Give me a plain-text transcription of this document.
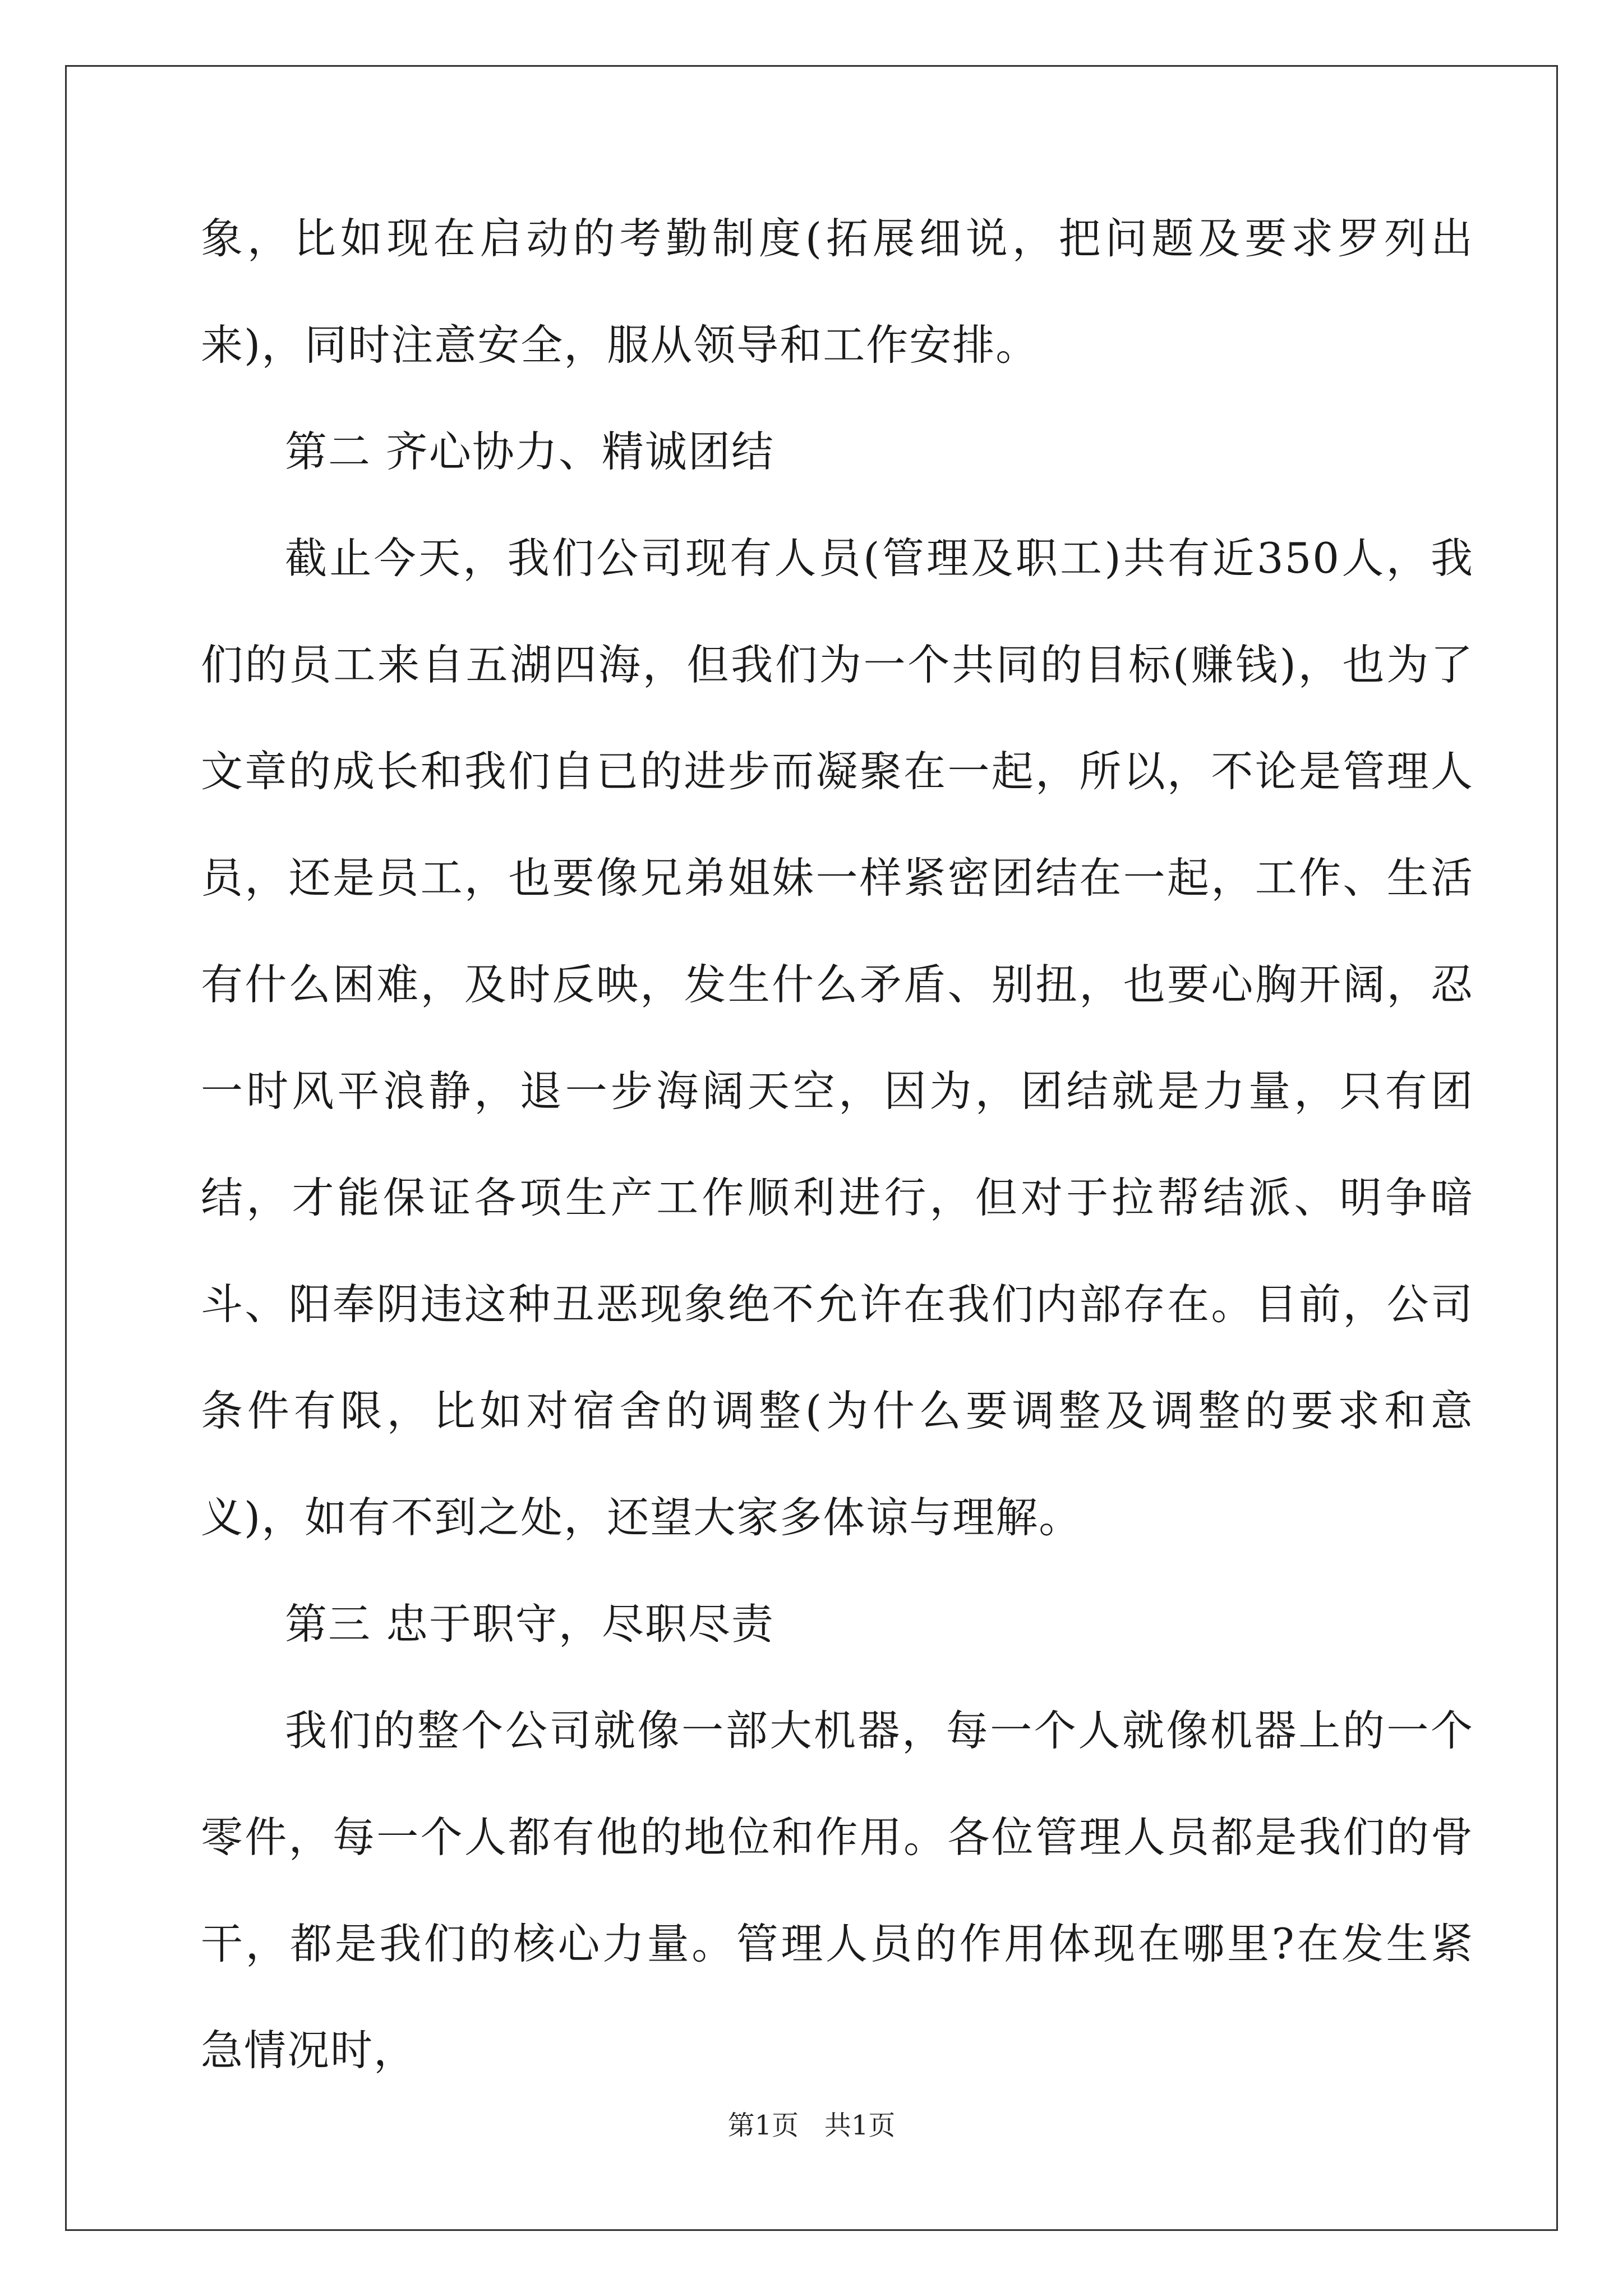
象，比如现在启动的考勤制度(拓展细说，把问题及要求罗列出来)，同时注意安全，服从领导和工作安排。

第二 齐心协力、精诚团结

截止今天，我们公司现有人员(管理及职工)共有近350人，我们的员工来自五湖四海，但我们为一个共同的目标(赚钱)，也为了文章的成长和我们自已的进步而凝聚在一起，所以，不论是管理人员，还是员工，也要像兄弟姐妹一样紧密团结在一起，工作、生活有什么困难，及时反映，发生什么矛盾、别扭，也要心胸开阔，忍一时风平浪静，退一步海阔天空，因为，团结就是力量，只有团结，才能保证各项生产工作顺利进行，但对于拉帮结派、明争暗斗、阳奉阴违这种丑恶现象绝不允许在我们内部存在。目前，公司条件有限，比如对宿舍的调整(为什么要调整及调整的要求和意义)，如有不到之处，还望大家多体谅与理解。

第三 忠于职守，尽职尽责

我们的整个公司就像一部大机器，每一个人就像机器上的一个零件，每一个人都有他的地位和作用。各位管理人员都是我们的骨干，都是我们的核心力量。管理人员的作用体现在哪里?在发生紧急情况时，

第1页 共1页
